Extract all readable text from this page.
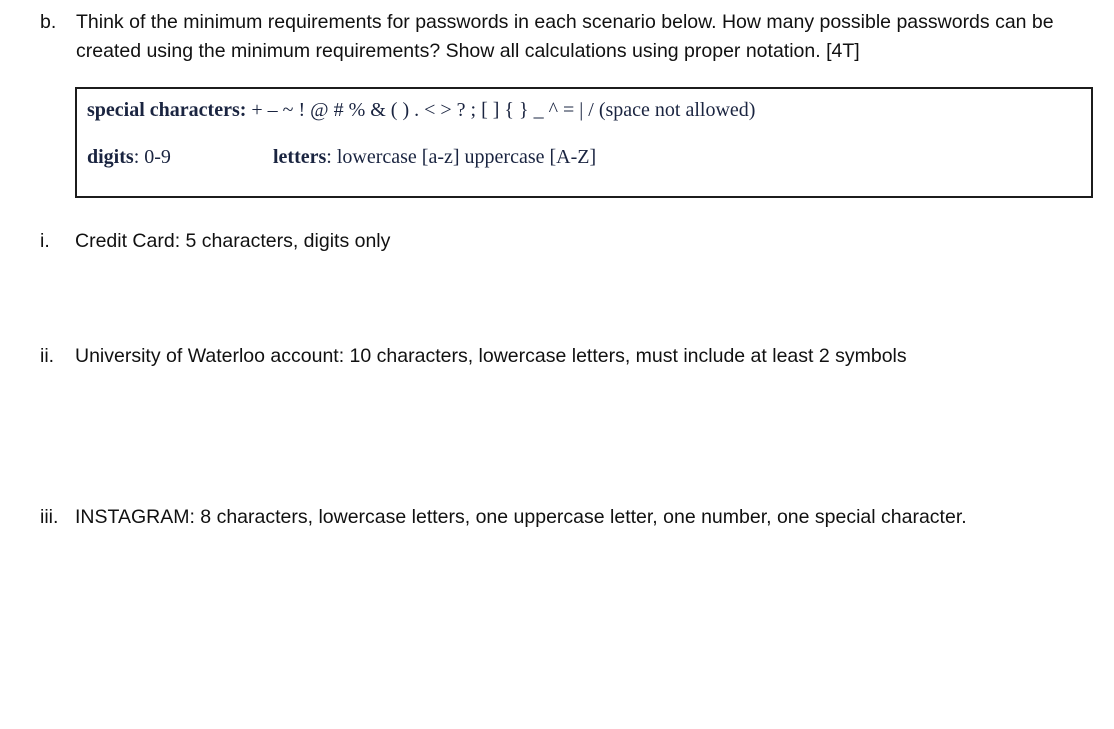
b. Think of the minimum requirements for passwords in each scenario below. How many possible passwords can be created using the minimum requirements? Show all calculations using proper notation. [4T]
special characters: + – ~ ! @ # % & ( ) . < > ? ; [ ] { } _ ^ = | / (space not allowed)
digits: 0-9	letters: lowercase [a-z] uppercase [A-Z]
i. Credit Card: 5 characters, digits only
ii. University of Waterloo account: 10 characters, lowercase letters, must include at least 2 symbols
iii. INSTAGRAM: 8 characters, lowercase letters, one uppercase letter, one number, one special character.
